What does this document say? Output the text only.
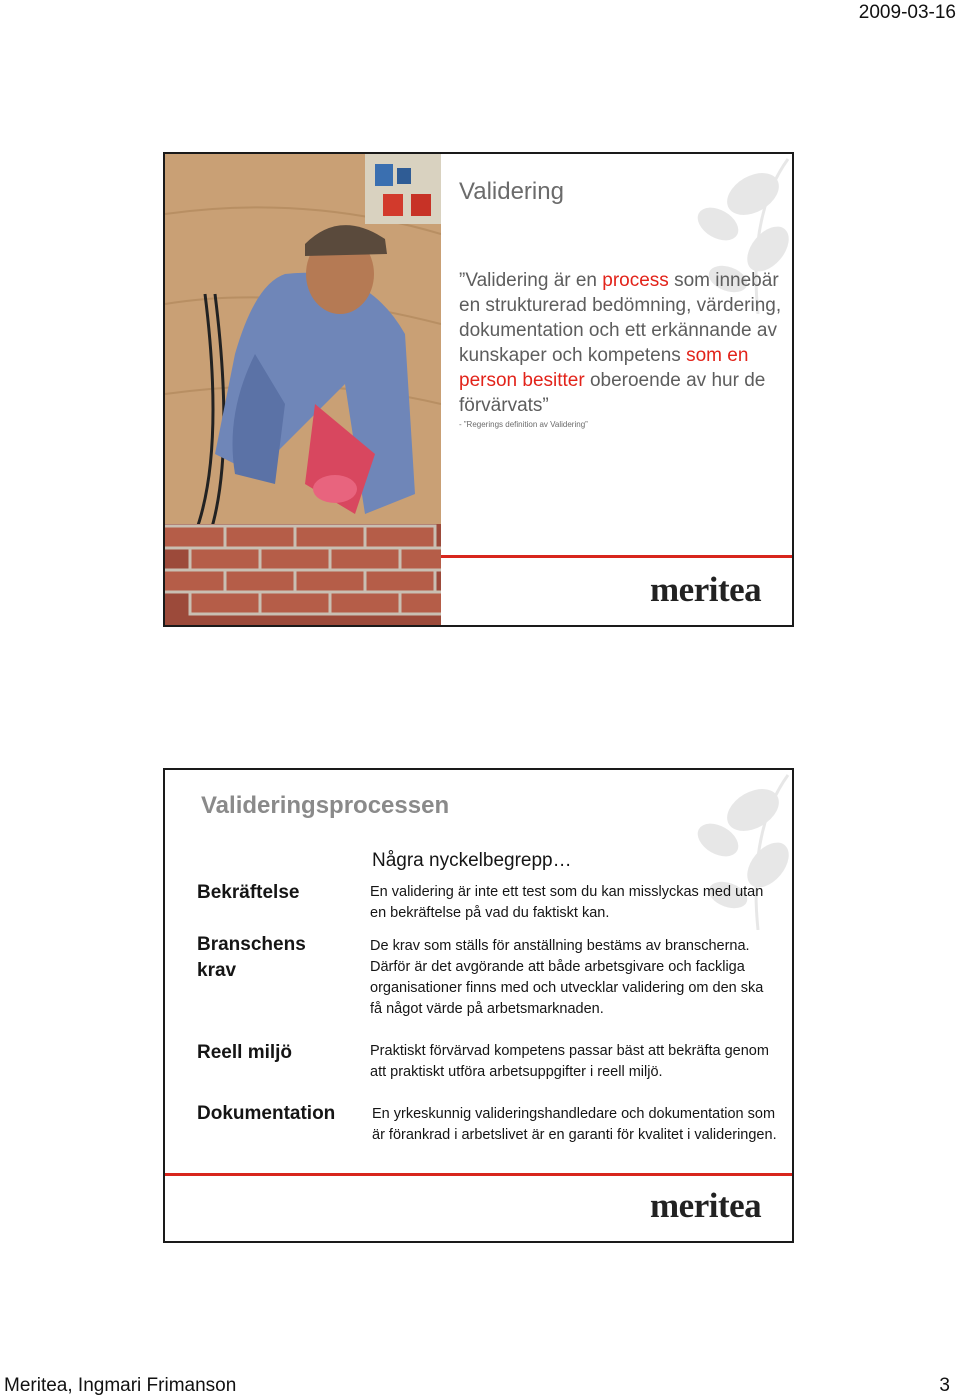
2009-03-16
Validering
”Validering är en process som innebär en strukturerad bedömning, värdering, dokumentation och ett erkännande av kunskaper och kompetens som en person besitter oberoende av hur de förvärvats”
- ”Regerings definition av Validering”
meritea
Valideringsprocessen
Bekräftelse
Branschens krav
Reell miljö
Dokumentation
Några nyckelbegrepp…
En validering är inte ett test som du kan misslyckas med utan en bekräftelse på vad du faktiskt kan.
De krav som ställs för anställning bestäms av branscherna. Därför är det avgörande att både arbetsgivare och fackliga organisationer finns med och utvecklar validering om den ska få något värde på arbetsmarknaden.
Praktiskt förvärvad kompetens passar bäst att bekräfta genom att praktiskt utföra arbetsuppgifter i reell miljö.
En yrkeskunnig valideringshandledare och dokumentation som är förankrad i arbetslivet är en garanti för kvalitet i valideringen.
meritea
Meritea, Ingmari Frimanson	3
